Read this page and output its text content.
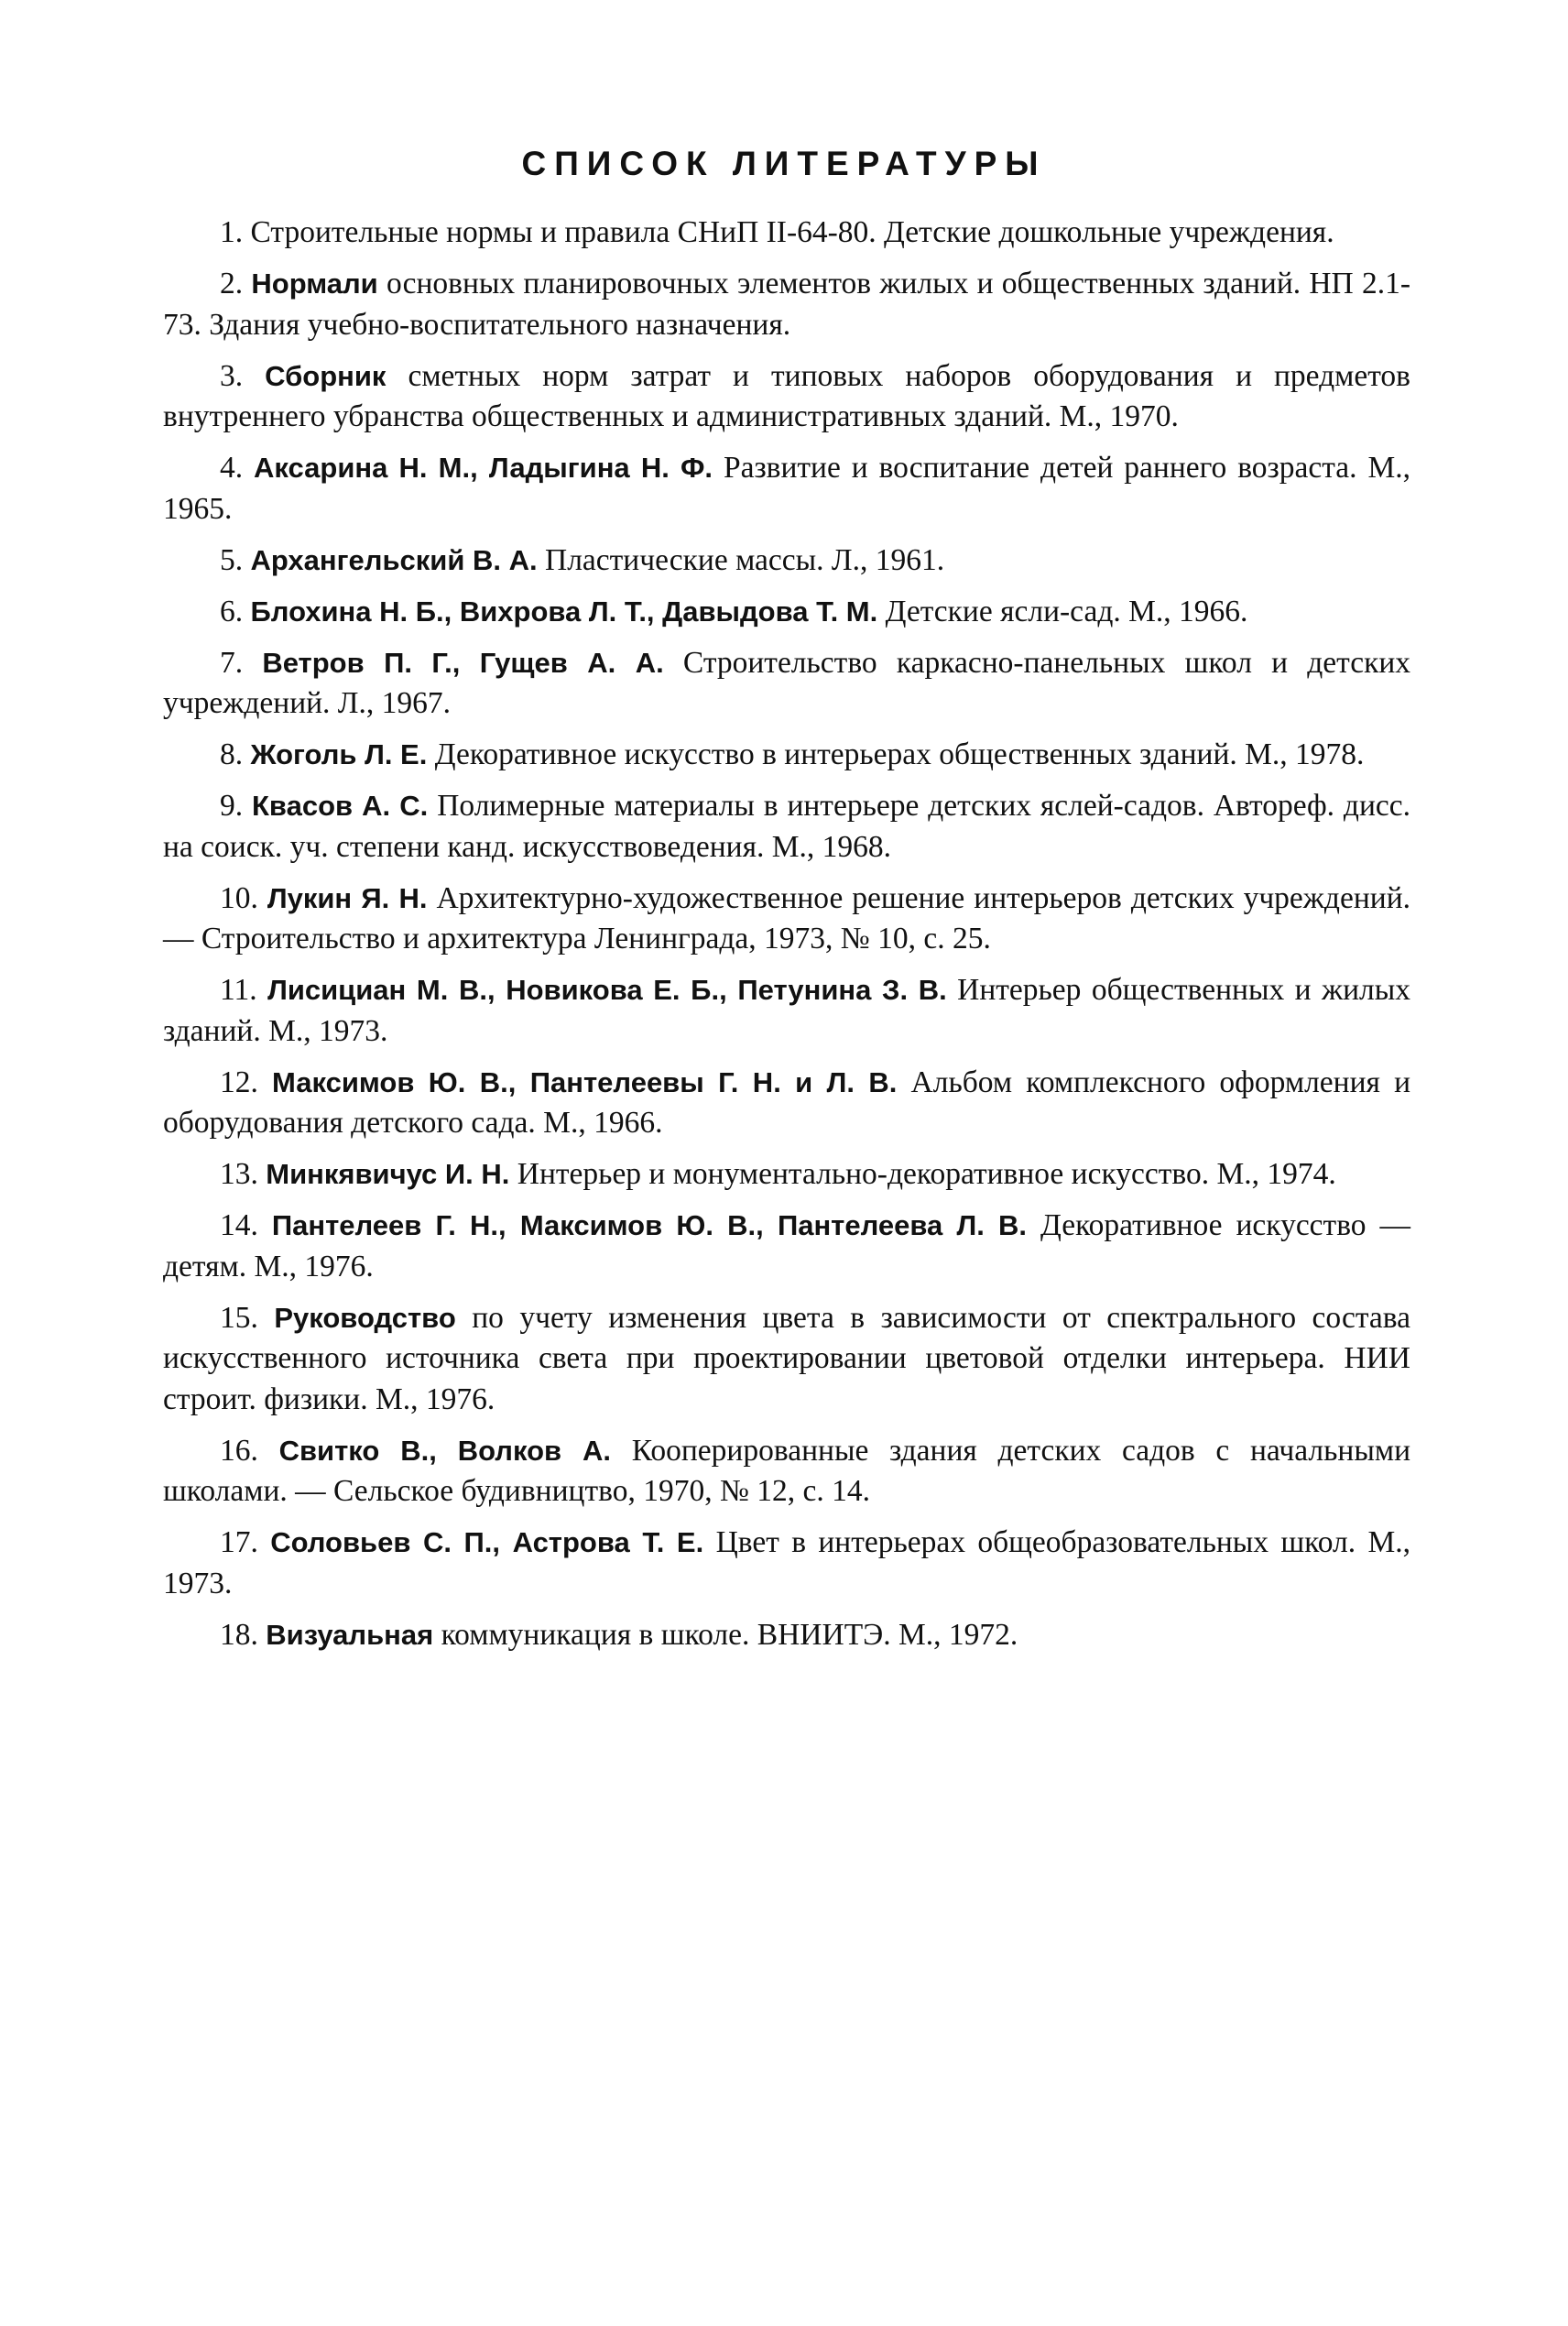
СПИСОК ЛИТЕРАТУРЫ

1. Строительные нормы и правила СНиП II-64-80. Детские дошкольные учреждения.

2. Нормали основных планировочных элементов жилых и общественных зданий. НП 2.1-73. Здания учебно-воспитательного назначения.

3. Сборник сметных норм затрат и типовых наборов оборудования и предметов внутреннего убранства общественных и административных зданий. М., 1970.

4. Аксарина Н. М., Ладыгина Н. Ф. Развитие и воспитание детей раннего возраста. М., 1965.

5. Архангельский В. А. Пластические массы. Л., 1961.

6. Блохина Н. Б., Вихрова Л. Т., Давыдова Т. М. Детские ясли-сад. М., 1966.

7. Ветров П. Г., Гущев А. А. Строительство каркасно-панельных школ и детских учреждений. Л., 1967.

8. Жоголь Л. Е. Декоративное искусство в интерьерах общественных зданий. М., 1978.

9. Квасов А. С. Полимерные материалы в интерьере детских яслей-садов. Автореф. дисс. на соиск. уч. степени канд. искусствоведения. М., 1968.

10. Лукин Я. Н. Архитектурно-художественное решение интерьеров детских учреждений. — Строительство и архитектура Ленинграда, 1973, № 10, с. 25.

11. Лисициан М. В., Новикова Е. Б., Петунина З. В. Интерьер общественных и жилых зданий. М., 1973.

12. Максимов Ю. В., Пантелеевы Г. Н. и Л. В. Альбом комплексного оформления и оборудования детского сада. М., 1966.

13. Минкявичус И. Н. Интерьер и монументально-декоративное искусство. М., 1974.

14. Пантелеев Г. Н., Максимов Ю. В., Пантелеева Л. В. Декоративное искусство — детям. М., 1976.

15. Руководство по учету изменения цвета в зависимости от спектрального состава искусственного источника света при проектировании цветовой отделки интерьера. НИИ строит. физики. М., 1976.

16. Свитко В., Волков А. Кооперированные здания детских садов с начальными школами. — Сельское будивництво, 1970, № 12, с. 14.

17. Соловьев С. П., Астрова Т. Е. Цвет в интерьерах общеобразовательных школ. М., 1973.

18. Визуальная коммуникация в школе. ВНИИТЭ. М., 1972.
